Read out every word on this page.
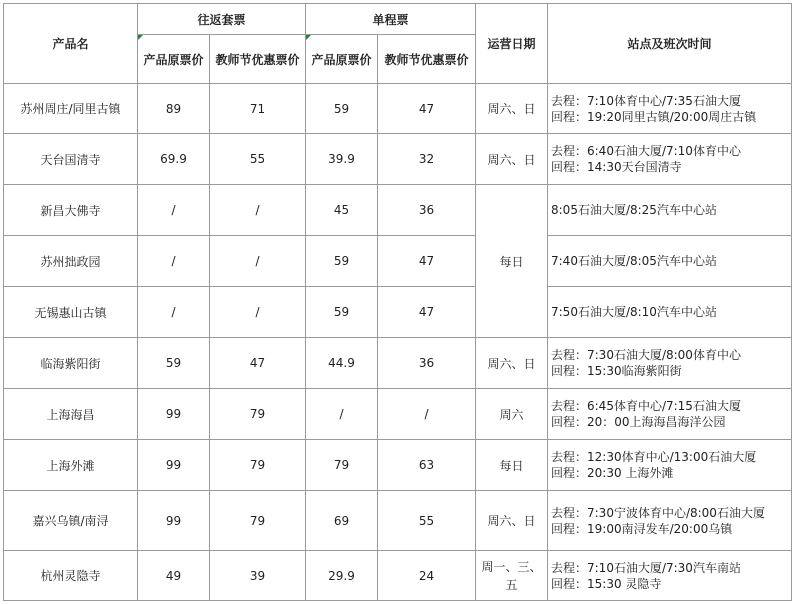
产品名	往返套票		单程票		运营日期	站点及班次时间
	产品原票价	教师节优惠票价	产品原票价	教师节优惠票价		
苏州周庄/同里古镇	89	71	59	47	周六、日	去程：7:10体育中心/7:35石油大厦
回程：19:20同里古镇/20:00周庄古镇

天台国清寺	69.9	55	39.9	32	周六、日	去程：6:40石油大厦/7:10体育中心
回程：14:30天台国清寺

新昌大佛寺	/	/	45	36	每日	8:05石油大厦/8:25汽车中心站
苏州拙政园	/	/	59	47		7:40石油大厦/8:05汽车中心站
无锡惠山古镇	/	/	59	47		7:50石油大厦/8:10汽车中心站
临海紫阳街	59	47	44.9	36	周六、日	去程：7:30石油大厦/8:00体育中心
回程：15:30临海紫阳街

上海海昌	99	79	/	/	周六	去程：6:45体育中心/7:15石油大厦
回程：20：00上海海昌海洋公园

上海外滩	99	79	79	63	每日	去程：12:30体育中心/13:00石油大厦
回程：20:30 上海外滩

嘉兴乌镇/南浔	99	79	69	55	周六、日	去程：7:30宁波体育中心/8:00石油大厦
回程：19:00南浔发车/20:00乌镇

杭州灵隐寺	49	39	29.9	24	周一、三、
五	去程：7:10石油大厦/7:30汽车南站
回程：15:30 灵隐寺
